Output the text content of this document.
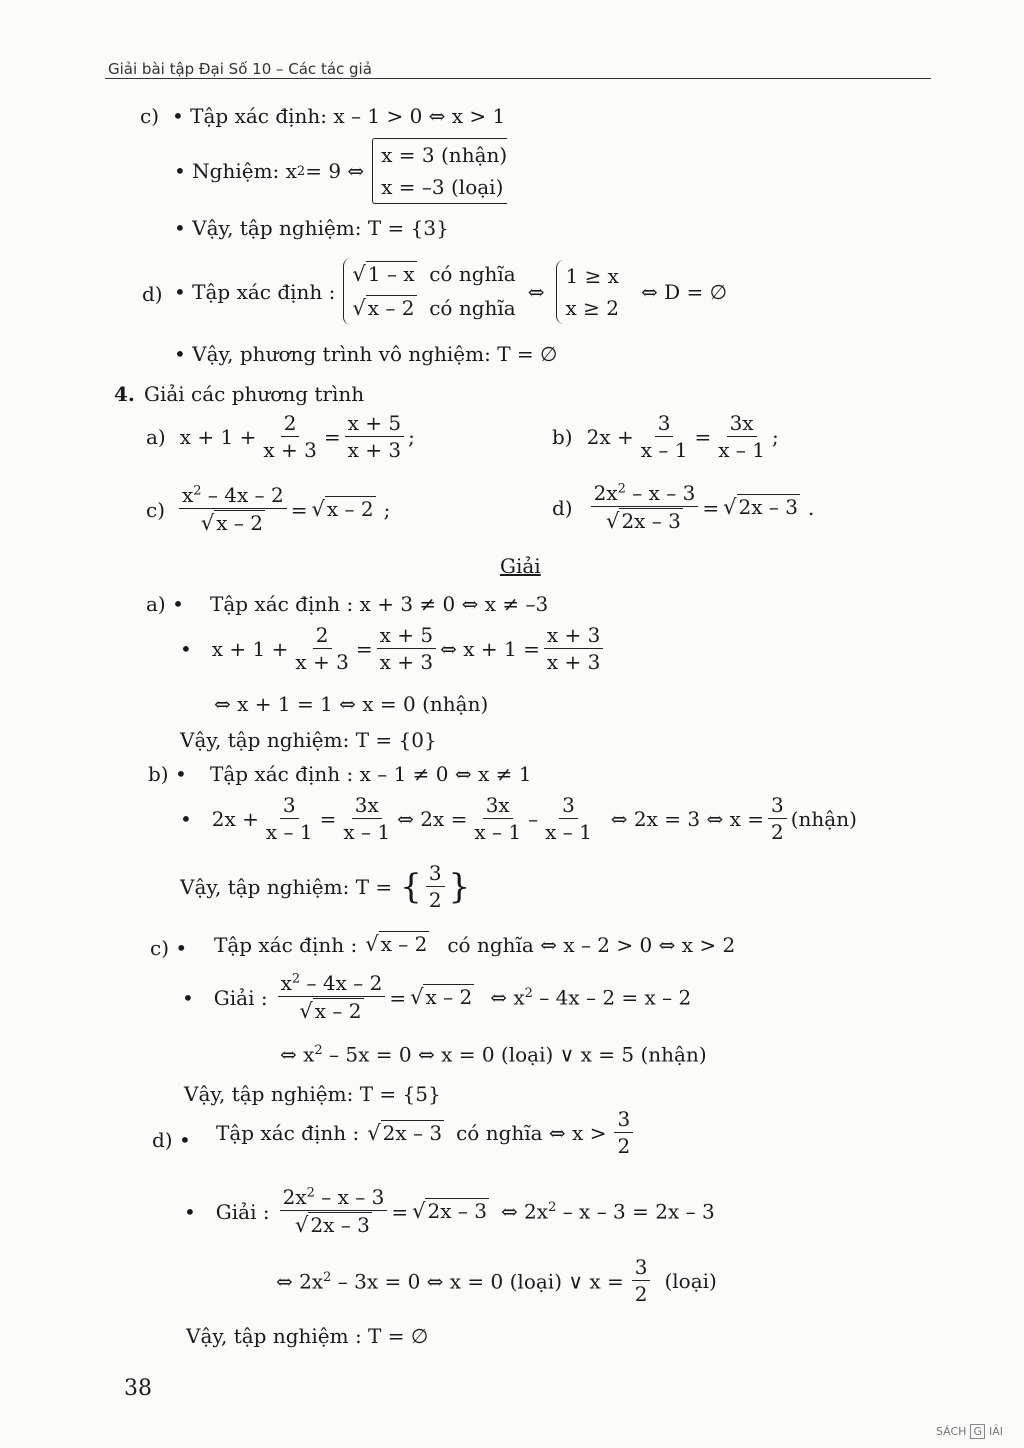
Giải bài tập Đại Số 10 – Các tác giả
c) • Tập xác định: x – 1 > 0 ⇔ x > 1
• Nghiệm: x 2 = 9 ⇔
x = 3 (nhận)
x = –3 (loại)
• Vậy, tập nghiệm: T = {3}
d) • Tập xác định :
√ 1 – x có nghĩa
√ x – 2 có nghĩa
⇔
1 ≥ x
x ≥ 2
⇔ D = ∅
• Vậy, phương trình vô nghiệm: T = ∅
4. Giải các phương trình
a) $x + 1 + \frac{2}{x + 3} = \frac{x + 5}{x + 3}$ ;	b) $2x + \frac{3}{x - 1} = \frac{3x}{x - 1}$ ;
$c) \frac{x^2 - 4x - 2}{√ x - 2}$ = √ x – 2 ;	$d) \frac{2x^2 - x - 3}{√ 2x - 3}$ = √ 2x – 3 .
Giải
a) • Tập xác định : x + 3 ≠ 0 ⇔ x ≠ –3
• $x + 1 + \frac{2}{x + 3} = \frac{x + 5}{x + 3}$ ⇔ $x + 1 = \frac{x + 3}{x + 3}$
⇔ x + 1 = 1 ⇔ x = 0 (nhận)
Vậy, tập nghiệm: T = {0}
b) • Tập xác định : x – 1 ≠ 0 ⇔ x ≠ 1
• $2x + \frac{3}{x - 1} = \frac{3x}{x - 1}$ ⇔ $2x = \frac{3x}{x - 1} - \frac{3}{x - 1}$ ⇔ 2x = 3 ⇔ $x = \frac{3}{2}$ (nhận)
Vậy, tập nghiệm: T = { $\frac{3}{2}$ }
c) • Tập xác định : √ x – 2 có nghĩa ⇔ x – 2 > 0 ⇔ x > 2
• Giải : $\frac{x^2 - 4x - 2}{√ x - 2}$ = √ x – 2 ⇔ $x^2 - 4x - 2 = x - 2$
⇔ $x^2 - 5x = 0$ ⇔ x = 0 (loại) ∨ x = 5 (nhận)
Vậy, tập nghiệm: T = {5}
d) • Tập xác định : √ 2x – 3 có nghĩa ⇔ $x > \frac{3}{2}$
• Giải : $\frac{2x^2 - x - 3}{√ 2x - 3}$ = √ 2x – 3 ⇔ $2x^2 - x - 3 = 2x - 3$
⇔ $2x^2 - 3x = 0$ ⇔ x = 0 (loại) ∨ $x = \frac{3}{2}$ (loại)
Vậy, tập nghiệm : T = ∅
38
SÁCH G IẢI
